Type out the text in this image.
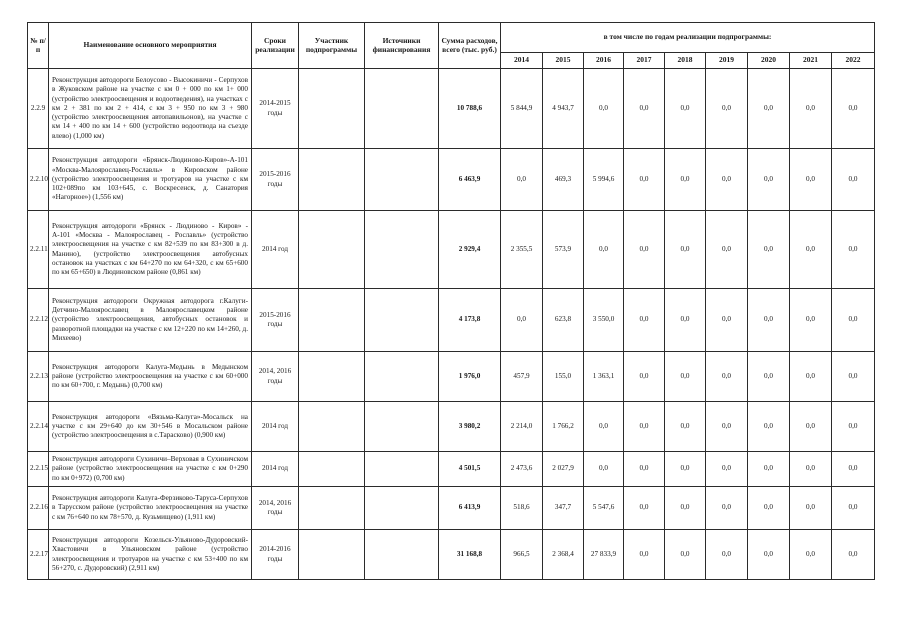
№ п/п	Наименование основного мероприятия	Сроки реализации	Участник подпрограммы	Источники финансирования	Сумма расходов, всего (тыс. руб.)	в том числе по годам реализации подпрограммы:								
						2014	2015	2016	2017	2018	2019	2020	2021	2022
2.2.9	Реконструкция автодороги Белоусово - Высокиничи - Серпухов в Жуковском районе на участке с км 0 + 000 по км 1+ 000 (устройство электроосвещения и водоотведения), на участках с км 2 + 381 по км 2 + 414, с км 3 + 950 по км 3 + 980 (устройство электроосвещения автопавильонов), на участке с км 14 + 400 по км 14 + 600 (устройство водоотвода на съезде влево) (1,000 км)	2014-2015 годы			10 788,6	5 844,9	4 943,7	0,0	0,0	0,0	0,0	0,0	0,0	0,0
2.2.10	Реконструкция автодороги «Брянск-Людиново-Киров»-А-101 «Москва-Малоярославец-Рославль» в Кировском районе (устройство электроосвещения и тротуаров на участке с км 102+089по км 103+645, с. Воскресенск, д. Санатория «Нагорное») (1,556 км)	2015-2016 годы			6 463,9	0,0	469,3	5 994,6	0,0	0,0	0,0	0,0	0,0	0,0
2.2.11	Реконструкция автодороги «Брянск - Людиново - Киров» - А-101 «Москва - Малоярославец - Рославль» (устройство электроосвещения на участке с км 82+539 по км 83+300 в д. Манино), (устройство электроосвещения автобусных остановок на участках с км 64+270 по км 64+320, с км 65+600 по км 65+650) в Людиновском районе (0,861 км)	2014 год			2 929,4	2 355,5	573,9	0,0	0,0	0,0	0,0	0,0	0,0	0,0
2.2.12	Реконструкция автодороги Окружная автодорога г.Калуги-Детчино-Малоярославец в Малоярославецком районе (устройство электроосвещения, автобусных остановок и разворотной площадки на участке с км 12+220 по км 14+260, д. Михеево)	2015-2016 годы			4 173,8	0,0	623,8	3 550,0	0,0	0,0	0,0	0,0	0,0	0,0
2.2.13	Реконструкция автодороги Калуга-Медынь в Медынском районе (устройство электроосвещения на участке с км 60+000 по км 60+700, г. Медынь) (0,700 км)	2014, 2016 годы			1 976,0	457,9	155,0	1 363,1	0,0	0,0	0,0	0,0	0,0	0,0
2.2.14	Реконструкция автодороги «Вязьма-Калуга»-Мосальск на участке с км 29+640 до км 30+546 в Мосальском районе (устройство электроосвещения в с.Тарасково) (0,900 км)	2014 год			3 980,2	2 214,0	1 766,2	0,0	0,0	0,0	0,0	0,0	0,0	0,0
2.2.15	Реконструкция автодороги Сухиничи–Верховая в Сухиничском районе (устройство электроосвещения на участке с км 0+290 по км 0+972) (0,700 км)	2014 год			4 501,5	2 473,6	2 027,9	0,0	0,0	0,0	0,0	0,0	0,0	0,0
2.2.16	Реконструкция автодороги Калуга-Ферзиково-Таруса-Серпухов в Тарусском районе (устройство электроосвещения на участке с км 76+640 по км 78+570, д. Кузьмищево) (1,911 км)	2014, 2016 годы			6 413,9	518,6	347,7	5 547,6	0,0	0,0	0,0	0,0	0,0	0,0
2.2.17	Реконструкция автодороги Козельск-Ульяново-Дудоровский-Хвастовичи в Ульяновском районе (устройство электроосвещения и тротуаров на участке с км 53+400 по км 56+270, с. Дудоровский) (2,911 км)	2014-2016 годы			31 168,8	966,5	2 368,4	27 833,9	0,0	0,0	0,0	0,0	0,0	0,0
